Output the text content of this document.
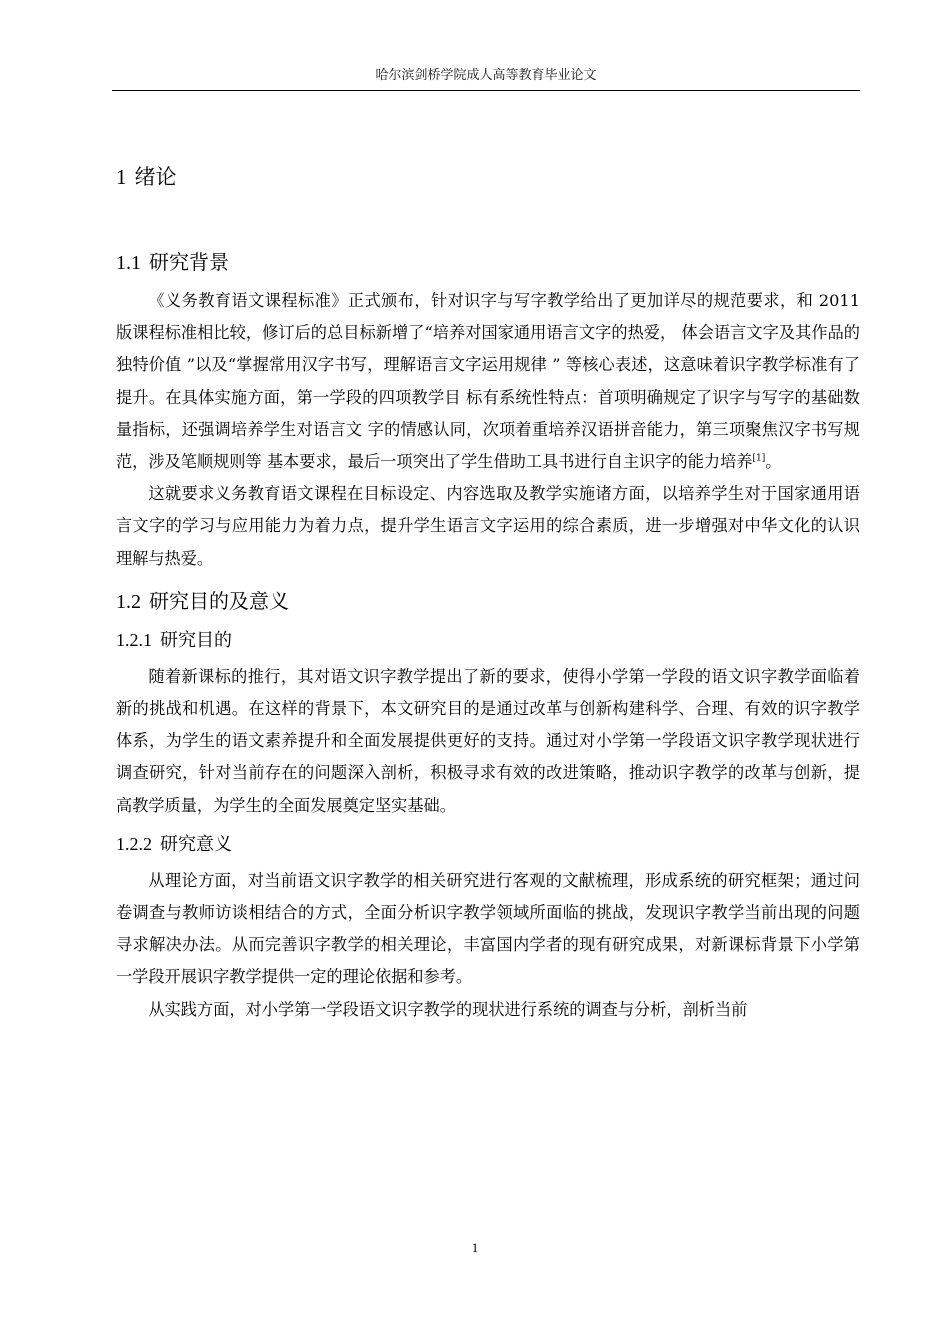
哈尔滨剑桥学院成人高等教育毕业论文
1 绪论
1.1 研究背景

《义务教育语文课程标准》正式颁布，针对识字与写字教学给出了更加详尽的规范要求，和 2011 版课程标准相比较，修订后的总目标新增了“培养对国家通用语言文字的热爱， 体会语言文字及其作品的独特价值 ”以及“掌握常用汉字书写，理解语言文字运用规律 ” 等核心表述，这意味着识字教学标准有了提升。在具体实施方面，第一学段的四项教学目 标有系统性特点：首项明确规定了识字与写字的基础数量指标，还强调培养学生对语言文 字的情感认同，次项着重培养汉语拼音能力，第三项聚焦汉字书写规范，涉及笔顺规则等 基本要求，最后一项突出了学生借助工具书进行自主识字的能力培养[1]。

这就要求义务教育语文课程在目标设定、内容选取及教学实施诸方面，以培养学生对于国家通用语言文字的学习与应用能力为着力点，提升学生语言文字运用的综合素质，进一步增强对中华文化的认识理解与热爱。

1.2 研究目的及意义
1.2.1 研究目的

随着新课标的推行，其对语文识字教学提出了新的要求，使得小学第一学段的语文识字教学面临着新的挑战和机遇。在这样的背景下，本文研究目的是通过改革与创新构建科学、合理、有效的识字教学体系，为学生的语文素养提升和全面发展提供更好的支持。通过对小学第一学段语文识字教学现状进行调查研究，针对当前存在的问题深入剖析，积极寻求有效的改进策略，推动识字教学的改革与创新，提高教学质量，为学生的全面发展奠定坚实基础。

1.2.2 研究意义

从理论方面，对当前语文识字教学的相关研究进行客观的文献梳理，形成系统的研究框架；通过问卷调查与教师访谈相结合的方式，全面分析识字教学领域所面临的挑战，发现识字教学当前出现的问题寻求解决办法。从而完善识字教学的相关理论，丰富国内学者的现有研究成果，对新课标背景下小学第一学段开展识字教学提供一定的理论依据和参考。

从实践方面，对小学第一学段语文识字教学的现状进行系统的调查与分析，剖析当前

1
